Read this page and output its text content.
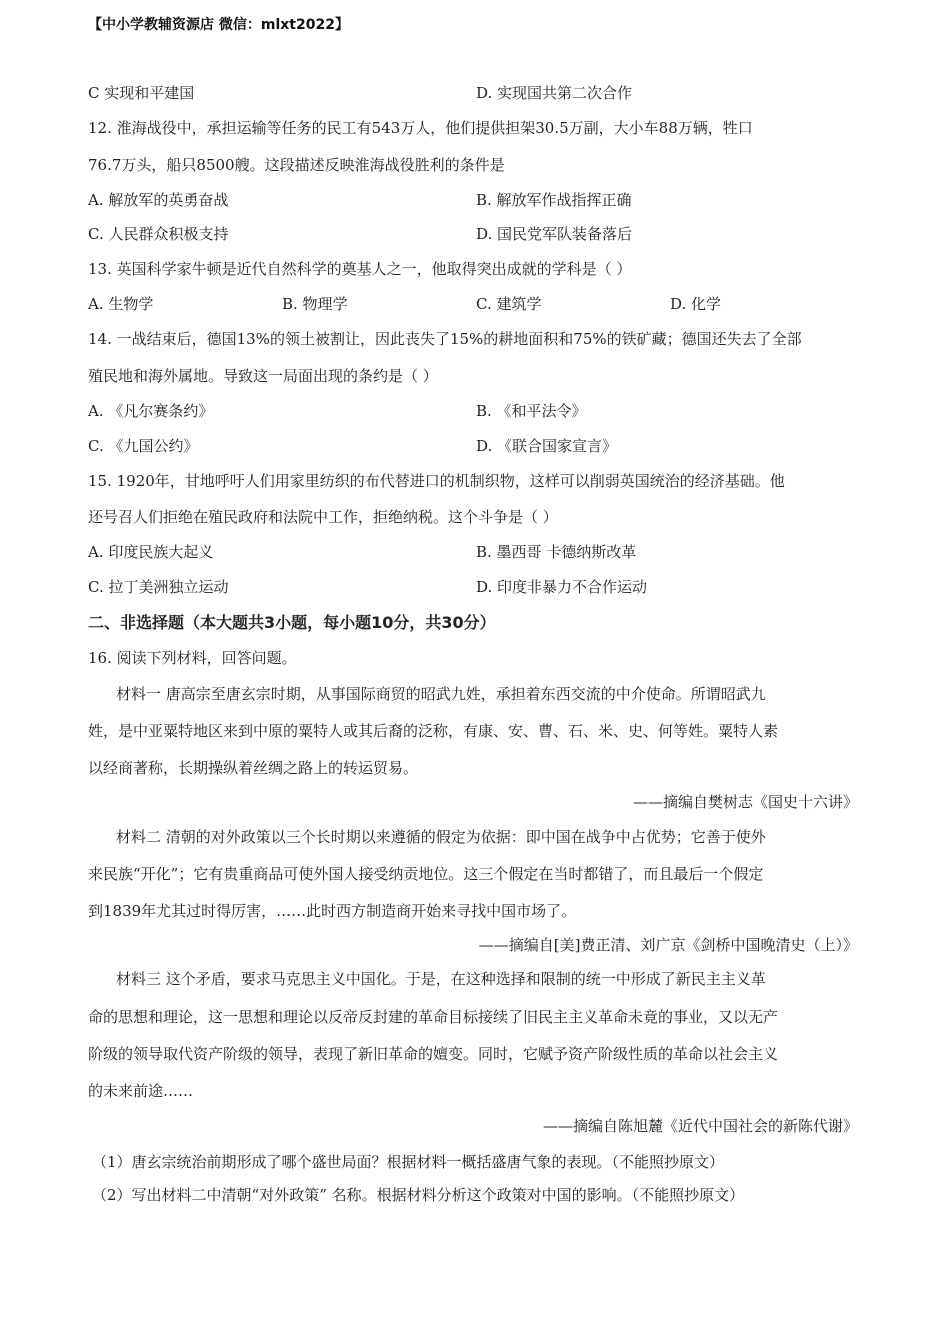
【中小学教辅资源店 微信：mlxt2022】
C 实现和平建国	D. 实现国共第二次合作
12. 淮海战役中，承担运输等任务的民工有543万人，他们提供担架30.5万副，大小车88万辆，牲口
76.7万头，船只8500艘。这段描述反映淮海战役胜利的条件是
A. 解放军的英勇奋战	B. 解放军作战指挥正确
C. 人民群众积极支持	D. 国民党军队装备落后
13. 英国科学家牛顿是近代自然科学的奠基人之一，他取得突出成就的学科是（ ）
A. 生物学	B. 物理学	C. 建筑学	D. 化学
14. 一战结束后，德国13%的领土被割让，因此丧失了15%的耕地面积和75%的铁矿藏；德国还失去了全部
殖民地和海外属地。导致这一局面出现的条约是（ ）
A. 《凡尔赛条约》	B. 《和平法令》
C. 《九国公约》	D. 《联合国家宣言》
15. 1920年，甘地呼吁人们用家里纺织的布代替进口的机制织物，这样可以削弱英国统治的经济基础。他
还号召人们拒绝在殖民政府和法院中工作，拒绝纳税。这个斗争是（ ）
A. 印度民族大起义	B. 墨西哥 卡德纳斯改革
C. 拉丁美洲独立运动	D. 印度非暴力不合作运动
二、非选择题（本大题共3小题，每小题10分，共30分）
16. 阅读下列材料，回答问题。
材料一 唐高宗至唐玄宗时期，从事国际商贸的昭武九姓，承担着东西交流的中介使命。所谓昭武九
姓，是中亚粟特地区来到中原的粟特人或其后裔的泛称，有康、安、曹、石、米、史、何等姓。粟特人素
以经商著称，长期操纵着丝绸之路上的转运贸易。
——摘编自樊树志《国史十六讲》
材料二 清朝的对外政策以三个长时期以来遵循的假定为依据：即中国在战争中占优势；它善于使外
来民族“开化”；它有贵重商品可使外国人接受纳贡地位。这三个假定在当时都错了，而且最后一个假定
到1839年尤其过时得厉害，……此时西方制造商开始来寻找中国市场了。
——摘编自[美]费正清、刘广京《剑桥中国晚清史（上）》
材料三 这个矛盾，要求马克思主义中国化。于是，在这种选择和限制的统一中形成了新民主主义革
命的思想和理论，这一思想和理论以反帝反封建的革命目标接续了旧民主主义革命未竟的事业，又以无产
阶级的领导取代资产阶级的领导，表现了新旧革命的嬗变。同时，它赋予资产阶级性质的革命以社会主义
的未来前途……
——摘编自陈旭麓《近代中国社会的新陈代谢》
（1）唐玄宗统治前期形成了哪个盛世局面？根据材料一概括盛唐气象的表现。（不能照抄原文）
（2）写出材料二中清朝“对外政策” 名称。根据材料分析这个政策对中国的影响。（不能照抄原文）
